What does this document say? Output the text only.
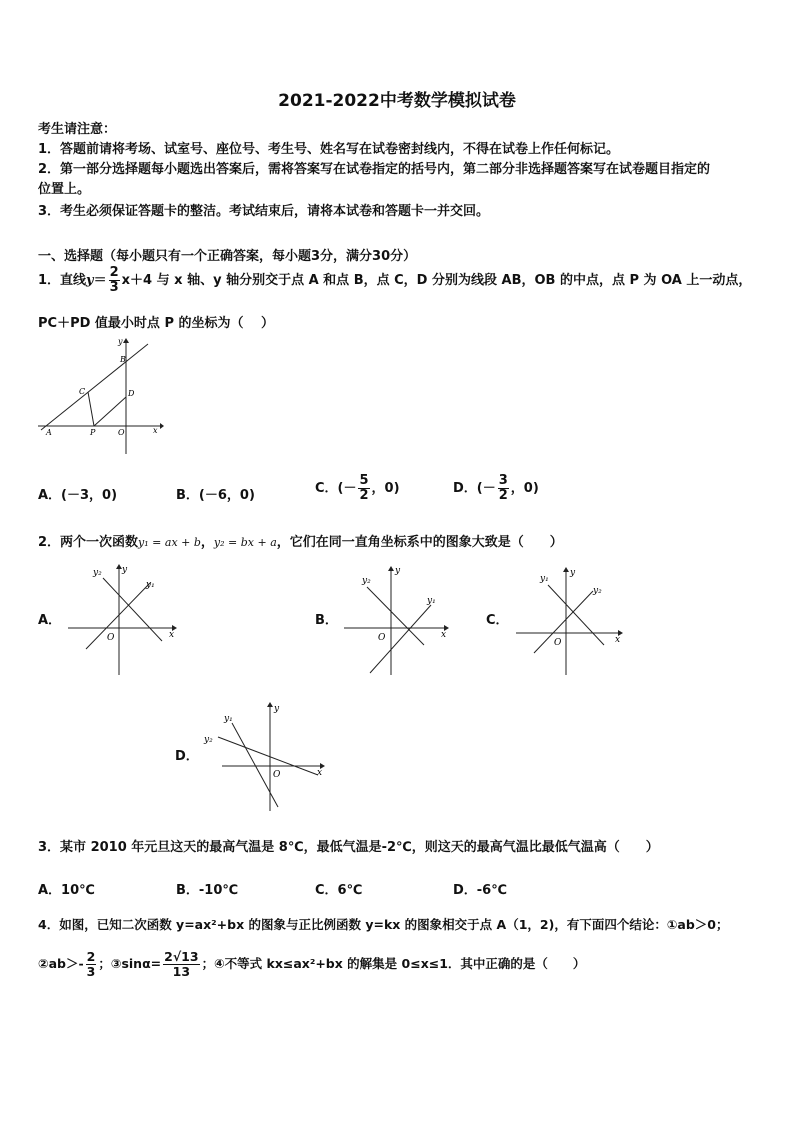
2021-2022中考数学模拟试卷
考生请注意：
1．答题前请将考场、试室号、座位号、考生号、姓名写在试卷密封线内，不得在试卷上作任何标记。
2．第一部分选择题每小题选出答案后，需将答案写在试卷指定的括号内，第二部分非选择题答案写在试卷题目指定的
位置上。
3．考生必须保证答题卡的整洁。考试结束后，请将本试卷和答题卡一并交回。
一、选择题（每小题只有一个正确答案，每小题3分，满分30分）
1．直线$y= \frac{2}{3} x+4$ 与 x 轴、y 轴分别交于点 A 和点 B，点 C，D 分别为线段 AB，OB 的中点，点 P 为 OA 上一动点，
PC＋PD 值最小时点 P 的坐标为（　 ）
y
B
C	D
A	P	O	x
A．(－3，0)	B．(－6，0)	C．(－ $\frac{5}{2}$ ，0)	D．(－ $\frac{3}{2}$ ，0)
2．两个一次函数y₁ = ax + b，y₂ = bx + a，它们在同一直角坐标系中的图象大致是（　　）
A．
y₂ y
y₁
O	x
B．
y₂
y
y₁
O	x
C．
y₁
y
y₂
O	x
D．
y₁
y₂
y
O	x
3．某市 2010 年元旦这天的最高气温是 8℃，最低气温是-2℃，则这天的最高气温比最低气温高（　　）
A．10℃	B．-10℃	C．6℃	D．-6℃
4．如图，已知二次函数 y=ax²+bx 的图象与正比例函数 y=kx 的图象相交于点 A（1，2)，有下面四个结论：①ab＞0；
②ab＞- $\frac{2}{3}$ ；③sinα= $\frac{2√13}{13}$ ；④不等式 kx≤ax²+bx 的解集是 0≤x≤1．其中正确的是（　　）
